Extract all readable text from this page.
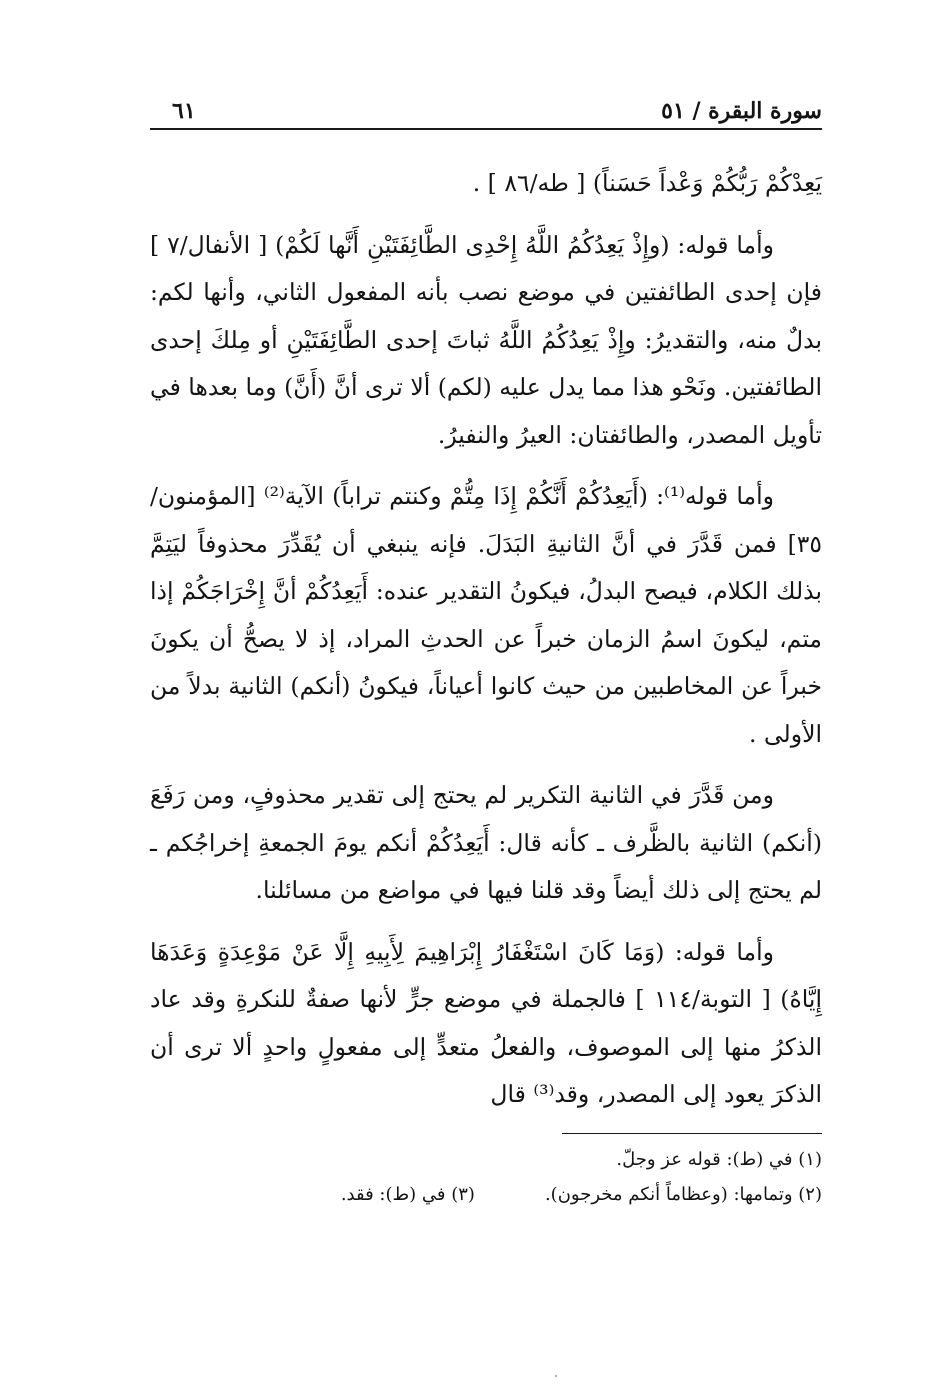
سورة البقرة / ٥١
٦١

يَعِدْكُمْ رَبُّكُمْ وَعْداً حَسَناً) [ طه/٨٦ ] .

وأما قوله: (وإِذْ يَعِدُكُمُ اللَّهُ إِحْدِى الطَّائِفَتَيْنِ أَنَّها لَكُمْ) [ الأنفال/٧ ] فإن إحدى الطائفتين في موضع نصب بأنه المفعول الثاني، وأنها لكم: بدلٌ منه، والتقديرُ: وإِذْ يَعِدُكُمُ اللَّهُ ثباتَ إحدى الطَّائِفَتَيْنِ أو مِلكَ إحدى الطائفتين. ونَحْو هذا مما يدل عليه (لكم) ألا ترى أنَّ (أَنَّ) وما بعدها في تأويل المصدر، والطائفتان: العيرُ والنفيرُ.

وأما قوله⁽¹⁾: (أَيَعِدُكُمْ أَنَّكُمْ إِذَا مِتُّمْ وكنتم تراباً) الآية⁽²⁾ [المؤمنون/٣٥] فمن قَدَّرَ في أنَّ الثانيةِ البَدَلَ. فإنه ينبغي أن يُقَدِّرَ محذوفاً ليَتِمَّ بذلك الكلام، فيصح البدلُ، فيكونُ التقدير عنده: أَيَعِدُكُمْ أنَّ إِخْرَاجَكُمْ إذا متم، ليكونَ اسمُ الزمان خبراً عن الحدثِ المراد، إذ لا يصحُّ أن يكونَ خبراً عن المخاطبين من حيث كانوا أعياناً، فيكونُ (أنكم) الثانية بدلاً من الأولى .

ومن قَدَّرَ في الثانية التكرير لم يحتج إلى تقدير محذوفٍ، ومن رَفَعَ (أنكم) الثانية بالظَّرف ـ كأنه قال: أَيَعِدُكُمْ أنكم يومَ الجمعةِ إخراجُكم ـ لم يحتج إلى ذلك أيضاً وقد قلنا فيها في مواضع من مسائلنا.

وأما قوله: (وَمَا كَانَ اسْتَغْفَارُ إِبْرَاهِيمَ لِأَبِيهِ إِلَّا عَنْ مَوْعِدَةٍ وَعَدَهَا إِيَّاهُ) [ التوبة/١١٤ ] فالجملة في موضع جرٍّ لأنها صفةٌ للنكرةِ وقد عاد الذكرُ منها إلى الموصوف، والفعلُ متعدٍّ إلى مفعولٍ واحدٍ ألا ترى أن الذكرَ يعود إلى المصدر، وقد⁽³⁾ قال

(١) في (ط): قوله عز وجلّ.
(٢) وتمامها: (وعظاماً أنكم مخرجون).
(٣) في (ط): فقد.
